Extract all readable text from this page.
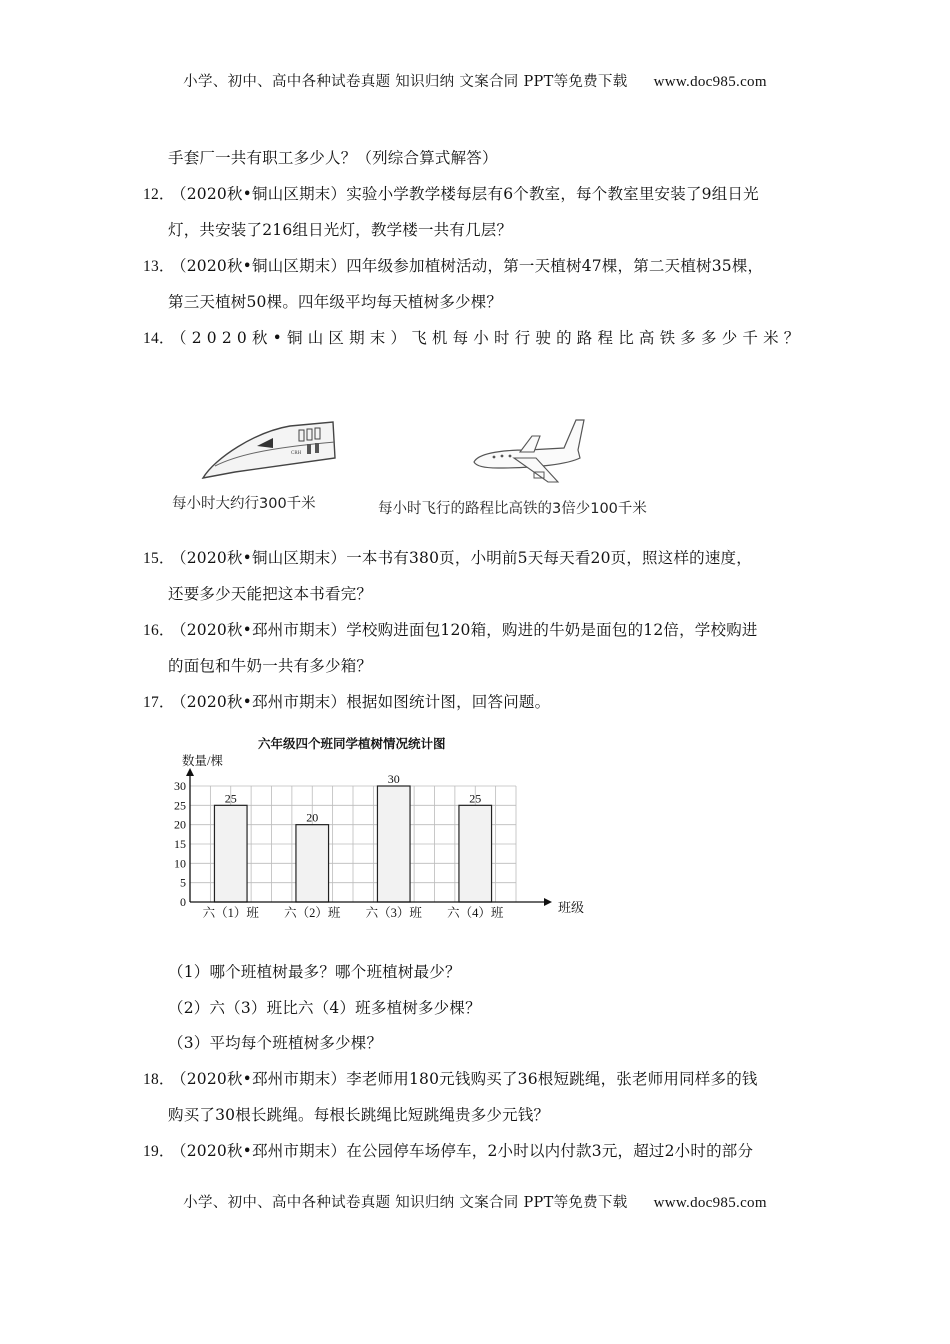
小学、初中、高中各种试卷真题 知识归纳 文案合同 PPT等免费下载 www.doc985.com
手套厂一共有职工多少人？（列综合算式解答）
12．（2020秋•铜山区期末）实验小学教学楼每层有6个教室，每个教室里安装了9组日光
灯，共安装了216组日光灯，教学楼一共有几层？
13．（2020秋•铜山区期末）四年级参加植树活动，第一天植树47棵，第二天植树35棵，
第三天植树50棵。四年级平均每天植树多少棵？
14．（2020秋•铜山区期末）飞机每小时行驶的路程比高铁多多少千米？
CRH
每小时大约行300千米	每小时飞行的路程比高铁的3倍少100千米
15．（2020秋•铜山区期末）一本书有380页，小明前5天每天看20页，照这样的速度，
还要多少天能把这本书看完？
16．（2020秋•邳州市期末）学校购进面包120箱，购进的牛奶是面包的12倍，学校购进
的面包和牛奶一共有多少箱？
17．（2020秋•邳州市期末）根据如图统计图，回答问题。
六年级四个班同学植树情况统计图
0
5
10
15
20
25
30
25
六（1）班
20
六（2）班
30
六（3）班
25
六（4）班
数量/棵
班级
（1）哪个班植树最多？哪个班植树最少？
（2）六（3）班比六（4）班多植树多少棵？
（3）平均每个班植树多少棵？
18．（2020秋•邳州市期末）李老师用180元钱购买了36根短跳绳，张老师用同样多的钱
购买了30根长跳绳。每根长跳绳比短跳绳贵多少元钱？
19．（2020秋•邳州市期末）在公园停车场停车，2小时以内付款3元，超过2小时的部分
小学、初中、高中各种试卷真题 知识归纳 文案合同 PPT等免费下载 www.doc985.com
